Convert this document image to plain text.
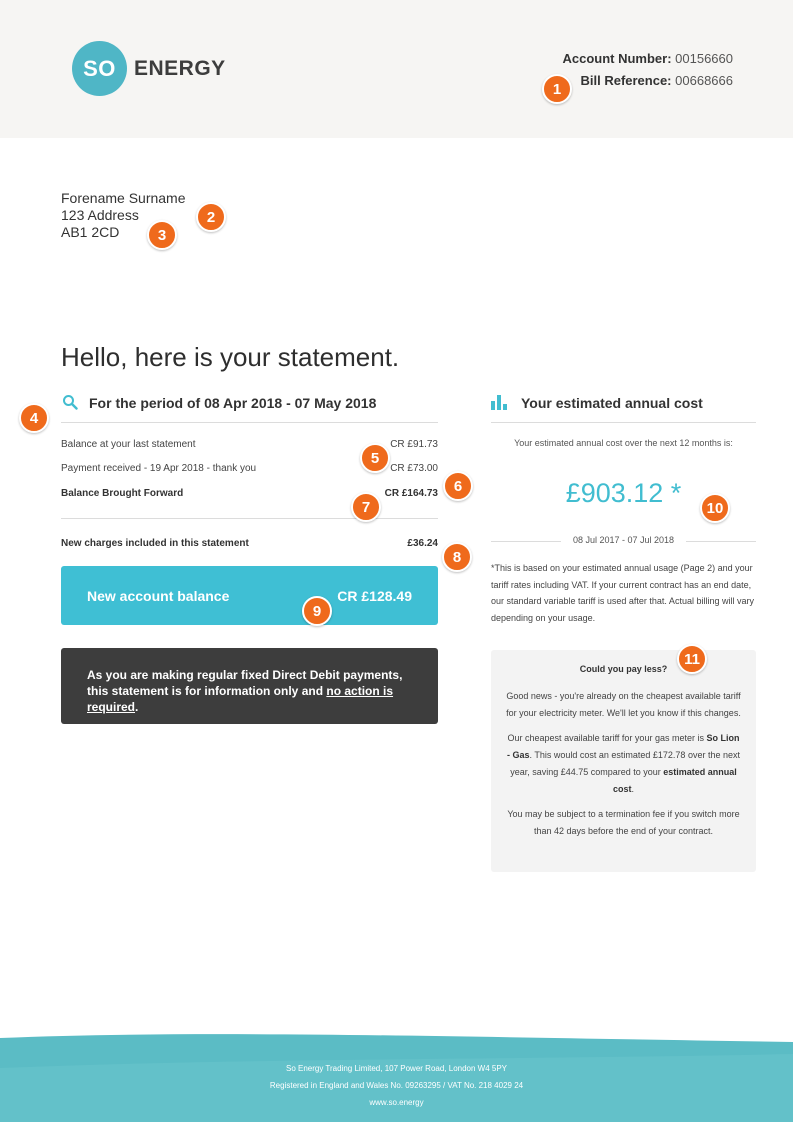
SO ENERGY	Account Number: 00156660
Bill Reference: 00668666
Forename Surname
123 Address
AB1 2CD
Hello, here is your statement.
For the period of 08 Apr 2018 - 07 May 2018
Balance at your last statement	CR £91.73
Payment received - 19 Apr 2018 - thank you	CR £73.00
Balance Brought Forward	CR £164.73
New charges included in this statement	£36.24
New account balance	CR £128.49
As you are making regular fixed Direct Debit payments, this statement is for information only and no action is required.
Your estimated annual cost
Your estimated annual cost over the next 12 months is:
£903.12 *
08 Jul 2017 - 07 Jul 2018
*This is based on your estimated annual usage (Page 2) and your tariff rates including VAT. If your current contract has an end date, our standard variable tariff is used after that. Actual billing will vary depending on your usage.
Could you pay less?

Good news - you're already on the cheapest available tariff for your electricity meter. We'll let you know if this changes.

Our cheapest available tariff for your gas meter is So Lion - Gas. This would cost an estimated £172.78 over the next year, saving £44.75 compared to your estimated annual cost.

You may be subject to a termination fee if you switch more than 42 days before the end of your contract.

1
2
3
4
5
6
7
8
9
10
11
So Energy Trading Limited, 107 Power Road, London W4 5PY
Registered in England and Wales No. 09263295 / VAT No. 218 4029 24
www.so.energy
